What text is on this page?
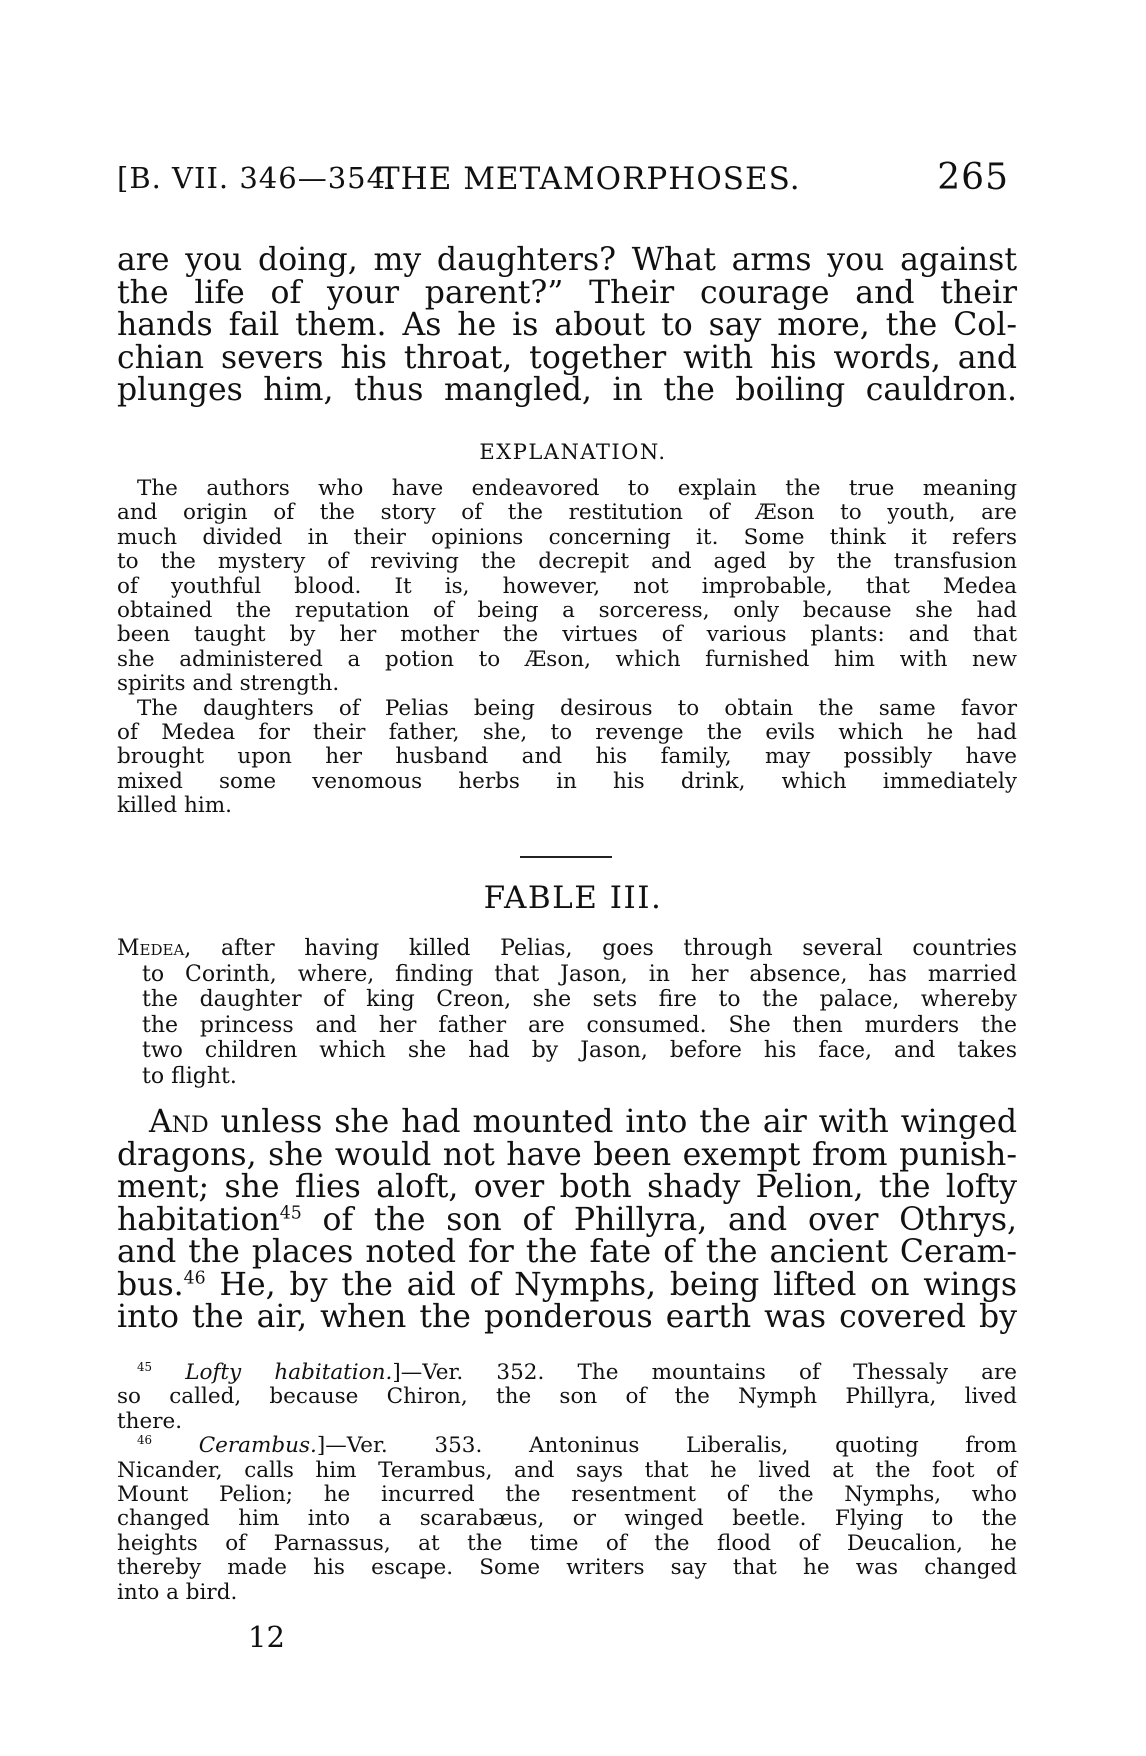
[B. VII. 346—354.
THE METAMORPHOSES.	265
are you doing, my daughters? What arms you against
the life of your parent?” Their courage and their
hands fail them. As he is about to say more, the Col-
chian severs his throat, together with his words, and
plunges him, thus mangled, in the boiling cauldron.
EXPLANATION.
The authors who have endeavored to explain the true meaning
and origin of the story of the restitution of Æson to youth, are
much divided in their opinions concerning it. Some think it refers
to the mystery of reviving the decrepit and aged by the transfusion
of youthful blood. It is, however, not improbable, that Medea
obtained the reputation of being a sorceress, only because she had
been taught by her mother the virtues of various plants: and that
she administered a potion to Æson, which furnished him with new
spirits and strength.
The daughters of Pelias being desirous to obtain the same favor
of Medea for their father, she, to revenge the evils which he had
brought upon her husband and his family, may possibly have
mixed some venomous herbs in his drink, which immediately
killed him.
FABLE III.
Medea, after having killed Pelias, goes through several countries
to Corinth, where, finding that Jason, in her absence, has married
the daughter of king Creon, she sets fire to the palace, whereby
the princess and her father are consumed. She then murders the
two children which she had by Jason, before his face, and takes
to flight.
And unless she had mounted into the air with winged
dragons, she would not have been exempt from punish-
ment; she flies aloft, over both shady Pelion, the lofty
habitation$^{45}$ of the son of Phillyra, and over Othrys,
and the places noted for the fate of the ancient Ceram-
bus.$^{46}$ He, by the aid of Nymphs, being lifted on wings
into the air, when the ponderous earth was covered by
$^{45}$ Lofty habitation.]—Ver. 352. The mountains of Thessaly are
so called, because Chiron, the son of the Nymph Phillyra, lived
there.
$^{46}$ Cerambus.]—Ver. 353. Antoninus Liberalis, quoting from
Nicander, calls him Terambus, and says that he lived at the foot of
Mount Pelion; he incurred the resentment of the Nymphs, who
changed him into a scarabæus, or winged beetle. Flying to the
heights of Parnassus, at the time of the flood of Deucalion, he
thereby made his escape. Some writers say that he was changed
into a bird.
12
